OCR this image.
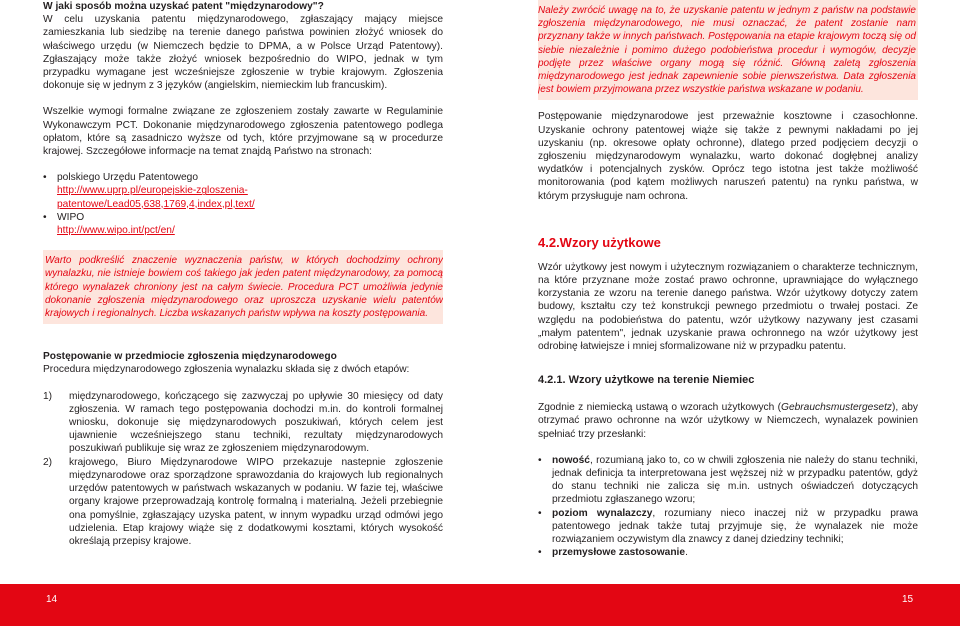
W jaki sposób można uzyskać patent "międzynarodowy"?

W celu uzyskania patentu międzynarodowego, zgłaszający mający miejsce zamieszkania lub siedzibę na terenie danego państwa powinien złożyć wniosek do właściwego urzędu (w Niemczech będzie to DPMA, a w Polsce Urząd Patentowy). Zgłaszający może także złożyć wniosek bezpośrednio do WIPO, jednak w tym przypadku wymagane jest wcześniejsze zgłoszenie w trybie krajowym. Zgłoszenia dokonuje się w jednym z 3 języków (angielskim, niemieckim lub francuskim).

Wszelkie wymogi formalne związane ze zgłoszeniem zostały zawarte w Regulaminie Wykonawczym PCT. Dokonanie międzynarodowego zgłoszenia patentowego podlega opłatom, które są zasadniczo wyższe od tych, które przyjmowane są w procedurze krajowej. Szczegółowe informacje na temat znajdą Państwo na stronach:

• polskiego Urzędu Patentowego
http://www.uprp.pl/europejskie-zgloszenia-patentowe/Lead05,638,1769,4,index,pl,text/
• WIPO
http://www.wipo.int/pct/en/
Warto podkreślić znaczenie wyznaczenia państw, w których dochodzimy ochrony wynalazku, nie istnieje bowiem coś takiego jak jeden patent międzynarodowy, za pomocą którego wynalazek chroniony jest na całym świecie. Procedura PCT umożliwia jedynie dokonanie zgłoszenia międzynarodowego oraz uproszcza uzyskanie wielu patentów krajowych i regionalnych. Liczba wskazanych państw wpływa na koszty postępowania.

Postępowanie w przedmiocie zgłoszenia międzynarodowego

Procedura międzynarodowego zgłoszenia wynalazku składa się z dwóch etapów:

1)	międzynarodowego, kończącego się zazwyczaj po upływie 30 miesięcy od daty zgłoszenia. W ramach tego postępowania dochodzi m.in. do kontroli formalnej wniosku, dokonuje się międzynarodowych poszukiwań, których celem jest ujawnienie wcześniejszego stanu techniki, rezultaty międzynarodowych poszukiwań publikuje się wraz ze zgłoszeniem międzynarodowym.
2)	krajowego, Biuro Międzynarodowe WIPO przekazuje nastepnie zgłoszenie międzynarodowe oraz sporządzone sprawozdania do krajowych lub regionalnych urzędów patentowych w państwach wskazanych w podaniu. W fazie tej, właściwe organy krajowe przeprowadzają kontrolę formalną i materialną. Jeżeli przebiegnie ona pomyślnie, zgłaszający uzyska patent, w innym wypadku urząd odmówi jego udzielenia. Etap krajowy wiąże się z dodatkowymi kosztami, których wysokość określają przepisy krajowe.
Należy zwrócić uwagę na to, że uzyskanie patentu w jednym z państw na podstawie zgłoszenia międzynarodowego, nie musi oznaczać, że patent zostanie nam przyznany także w innych państwach. Postępowania na etapie krajowym toczą się od siebie niezależnie i pomimo dużego podobieństwa procedur i wymogów, decyzje podjęte przez właściwe organy mogą się różnić. Główną zaletą zgłoszenia międzynarodowego jest jednak zapewnienie sobie pierwszeństwa. Data zgłoszenia jest bowiem przyjmowana przez wszystkie państwa wskazane w podaniu.

Postępowanie międzynarodowe jest przeważnie kosztowne i czasochłonne. Uzyskanie ochrony patentowej wiąże się także z pewnymi nakładami po jej uzyskaniu (np. okresowe opłaty ochronne), dlatego przed podjęciem decyzji o zgłoszeniu międzynarodowym wynalazku, warto dokonać dogłębnej analizy wydatków i potencjalnych zysków. Oprócz tego istotna jest także możliwość monitorowania (pod kątem możliwych naruszeń patentu) na rynku państwa, w którym przysługuje nam ochrona.

4.2.Wzory użytkowe

Wzór użytkowy jest nowym i użytecznym rozwiązaniem o charakterze technicznym, na które przyznane może zostać prawo ochronne, uprawniające do wyłącznego korzystania ze wzoru na terenie danego państwa. Wzór użytkowy dotyczy zatem budowy, kształtu czy też konstrukcji pewnego przedmiotu o trwałej postaci. Ze względu na podobieństwa do patentu, wzór użytkowy nazywany jest czasami „małym patentem", jednak uzyskanie prawa ochronnego na wzór użytkowy jest odrobinę łatwiejsze i mniej sformalizowane niż w przypadku patentu.

4.2.1. Wzory użytkowe na terenie Niemiec

Zgodnie z niemiecką ustawą o wzorach użytkowych (Gebrauchsmustergesetz), aby otrzymać prawo ochronne na wzór użytkowy w Niemczech, wynalazek powinien spełniać trzy przesłanki:

• nowość, rozumianą jako to, co w chwili zgłoszenia nie należy do stanu techniki, jednak definicja ta interpretowana jest węższej niż w przypadku patentów, gdyż do stanu techniki nie zalicza się m.in. ustnych oświadczeń dotyczących przedmiotu zgłaszanego wzoru;
• poziom wynalazczy, rozumiany nieco inaczej niż w przypadku prawa patentowego jednak także tutaj przyjmuje się, że wynalazek nie może rozwiązaniem oczywistym dla znawcy z danej dziedziny techniki;
• przemysłowe zastosowanie.
14	15
